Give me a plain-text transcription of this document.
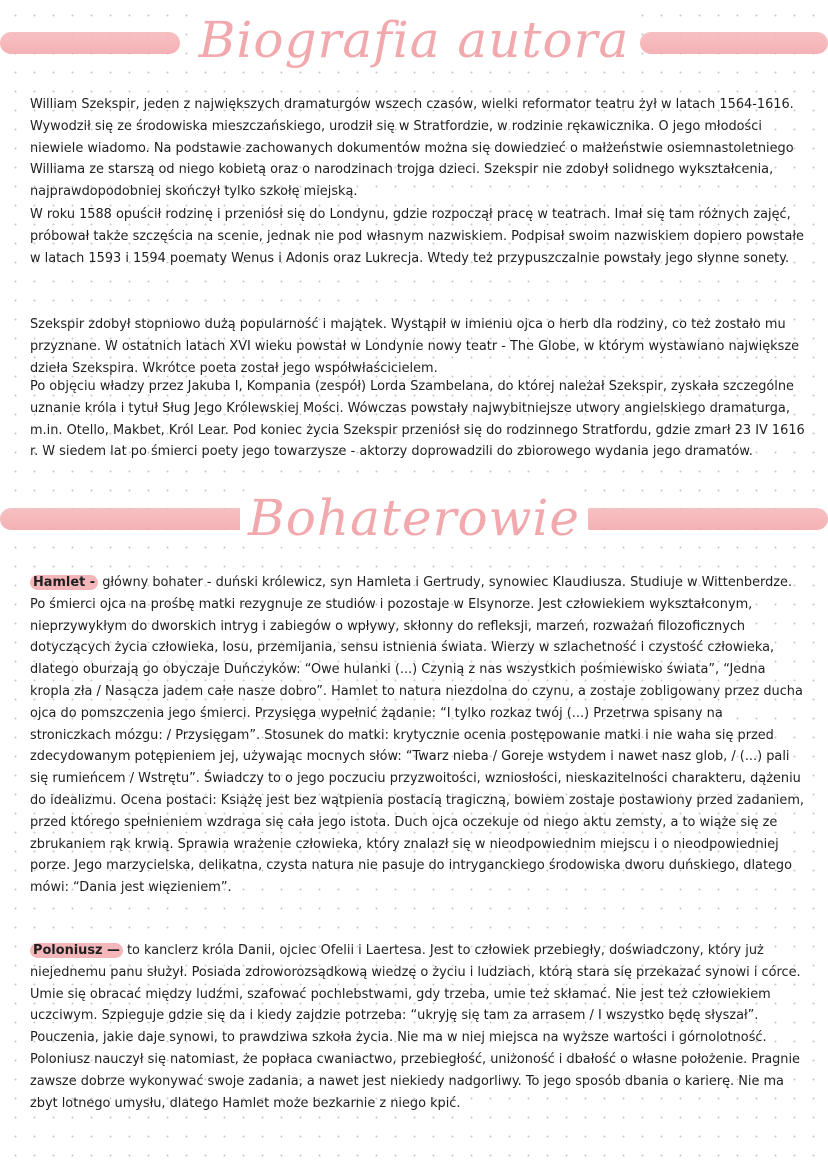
Biografia autora

William Szekspir, jeden z największych dramaturgów wszech czasów, wielki reformator teatru żył w latach 1564-1616. Wywodził się ze środowiska mieszczańskiego, urodził się w Stratfordzie, w rodzinie rękawicznika. O jego młodości niewiele wiadomo. Na podstawie zachowanych dokumentów można się dowiedzieć o małżeństwie osiemnastoletniego Williama ze starszą od niego kobietą oraz o narodzinach trojga dzieci. Szekspir nie zdobył solidnego wykształcenia, najprawdopodobniej skończył tylko szkołę miejską.

W roku 1588 opuścił rodzinę i przeniósł się do Londynu, gdzie rozpoczął pracę w teatrach. Imał się tam różnych zajęć, próbował także szczęścia na scenie, jednak nie pod własnym nazwiskiem. Podpisał swoim nazwiskiem dopiero powstałe w latach 1593 i 1594 poematy Wenus i Adonis oraz Lukrecja. Wtedy też przypuszczalnie powstały jego słynne sonety.

Szekspir zdobył stopniowo dużą popularność i majątek. Wystąpił w imieniu ojca o herb dla rodziny, co też zostało mu przyznane. W ostatnich latach XVI wieku powstał w Londynie nowy teatr - The Globe, w którym wystawiano największe dzieła Szekspira. Wkrótce poeta został jego współwłaścicielem.

Po objęciu władzy przez Jakuba I, Kompania (zespół) Lorda Szambelana, do której należał Szekspir, zyskała szczególne uznanie króla i tytuł Sług Jego Królewskiej Mości. Wówczas powstały najwybitniejsze utwory angielskiego dramaturga, m.in. Otello, Makbet, Król Lear. Pod koniec życia Szekspir przeniósł się do rodzinnego Stratfordu, gdzie zmarł 23 IV 1616 r. W siedem lat po śmierci poety jego towarzysze - aktorzy doprowadzili do zbiorowego wydania jego dramatów.

Bohaterowie

Hamlet - główny bohater - duński królewicz, syn Hamleta i Gertrudy, synowiec Klaudiusza. Studiuje w Wittenberdze. Po śmierci ojca na prośbę matki rezygnuje ze studiów i pozostaje w Elsynorze. Jest człowiekiem wykształconym, nieprzywykłym do dworskich intryg i zabiegów o wpływy, skłonny do refleksji, marzeń, rozważań filozoficznych dotyczących życia człowieka, losu, przemijania, sensu istnienia świata. Wierzy w szlachetność i czystość człowieka, dlatego oburzają go obyczaje Duńczyków: “Owe hulanki (...) Czynią z nas wszystkich pośmiewisko świata”, “Jedna kropla zła / Nasącza jadem całe nasze dobro”. Hamlet to natura niezdolna do czynu, a zostaje zobligowany przez ducha ojca do pomszczenia jego śmierci. Przysięga wypełnić żądanie: “I tylko rozkaz twój (...) Przetrwa spisany na stroniczkach mózgu: / Przysięgam”. Stosunek do matki: krytycznie ocenia postępowanie matki i nie waha się przed zdecydowanym potępieniem jej, używając mocnych słów: “Twarz nieba / Goreje wstydem i nawet nasz glob, / (...) pali się rumieńcem / Wstrętu”. Świadczy to o jego poczuciu przyzwoitości, wzniosłości, nieskazitelności charakteru, dążeniu do idealizmu. Ocena postaci: Książę jest bez wątpienia postacią tragiczną, bowiem zostaje postawiony przed zadaniem, przed którego spełnieniem wzdraga się cała jego istota. Duch ojca oczekuje od niego aktu zemsty, a to wiąże się ze zbrukaniem rąk krwią. Sprawia wrażenie człowieka, który znalazł się w nieodpowiednim miejscu i o nieodpowiedniej porze. Jego marzycielska, delikatna, czysta natura nie pasuje do intryganckiego środowiska dworu duńskiego, dlatego mówi: “Dania jest więzieniem”.

Poloniusz — to kanclerz króla Danii, ojciec Ofelii i Laertesa. Jest to człowiek przebiegły, doświadczony, który już niejednemu panu służył. Posiada zdroworozsądkową wiedzę o życiu i ludziach, którą stara się przekazać synowi i córce. Umie się obracać między ludźmi, szafować pochlebstwami, gdy trzeba, umie też skłamać. Nie jest też człowiekiem uczciwym. Szpieguje gdzie się da i kiedy zajdzie potrzeba: “ukryję się tam za arrasem / I wszystko będę słyszał”. Pouczenia, jakie daje synowi, to prawdziwa szkoła życia. Nie ma w niej miejsca na wyższe wartości i górnolotność. Poloniusz nauczył się natomiast, że popłaca cwaniactwo, przebiegłość, uniżoność i dbałość o własne położenie. Pragnie zawsze dobrze wykonywać swoje zadania, a nawet jest niekiedy nadgorliwy. To jego sposób dbania o karierę. Nie ma zbyt lotnego umysłu, dlatego Hamlet może bezkarnie z niego kpić.
